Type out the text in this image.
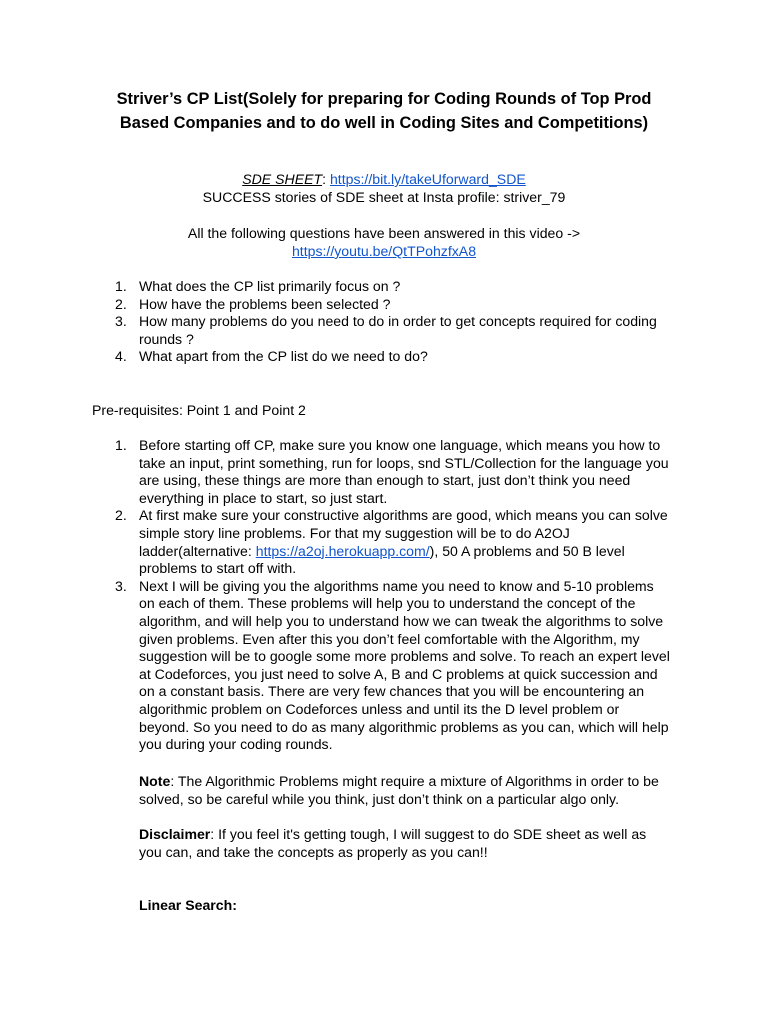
Striver’s CP List(Solely for preparing for Coding Rounds of Top Prod Based Companies and to do well in Coding Sites and Competitions)
SDE SHEET: https://bit.ly/takeUforward_SDE
SUCCESS stories of SDE sheet at Insta profile: striver_79
All the following questions have been answered in this video ->
https://youtu.be/QtTPohzfxA8
1. What does the CP list primarily focus on ?
2. How have the problems been selected ?
3. How many problems do you need to do in order to get concepts required for coding rounds ?
4. What apart from the CP list do we need to do?
Pre-requisites: Point 1 and Point 2
1. Before starting off CP, make sure you know one language, which means you how to take an input, print something, run for loops, snd STL/Collection for the language you are using, these things are more than enough to start, just don’t think you need everything in place to start, so just start.
2. At first make sure your constructive algorithms are good, which means you can solve simple story line problems. For that my suggestion will be to do A2OJ ladder(alternative: https://a2oj.herokuapp.com/), 50 A problems and 50 B level problems to start off with.
3. Next I will be giving you the algorithms name you need to know and 5-10 problems on each of them. These problems will help you to understand the concept of the algorithm, and will help you to understand how we can tweak the algorithms to solve given problems. Even after this you don’t feel comfortable with the Algorithm, my suggestion will be to google some more problems and solve. To reach an expert level at Codeforces, you just need to solve A, B and C problems at quick succession and on a constant basis. There are very few chances that you will be encountering an algorithmic problem on Codeforces unless and until its the D level problem or beyond. So you need to do as many algorithmic problems as you can, which will help you during your coding rounds.
Note: The Algorithmic Problems might require a mixture of Algorithms in order to be solved, so be careful while you think, just don’t think on a particular algo only.
Disclaimer: If you feel it's getting tough, I will suggest to do SDE sheet as well as you can, and take the concepts as properly as you can!!
Linear Search:
